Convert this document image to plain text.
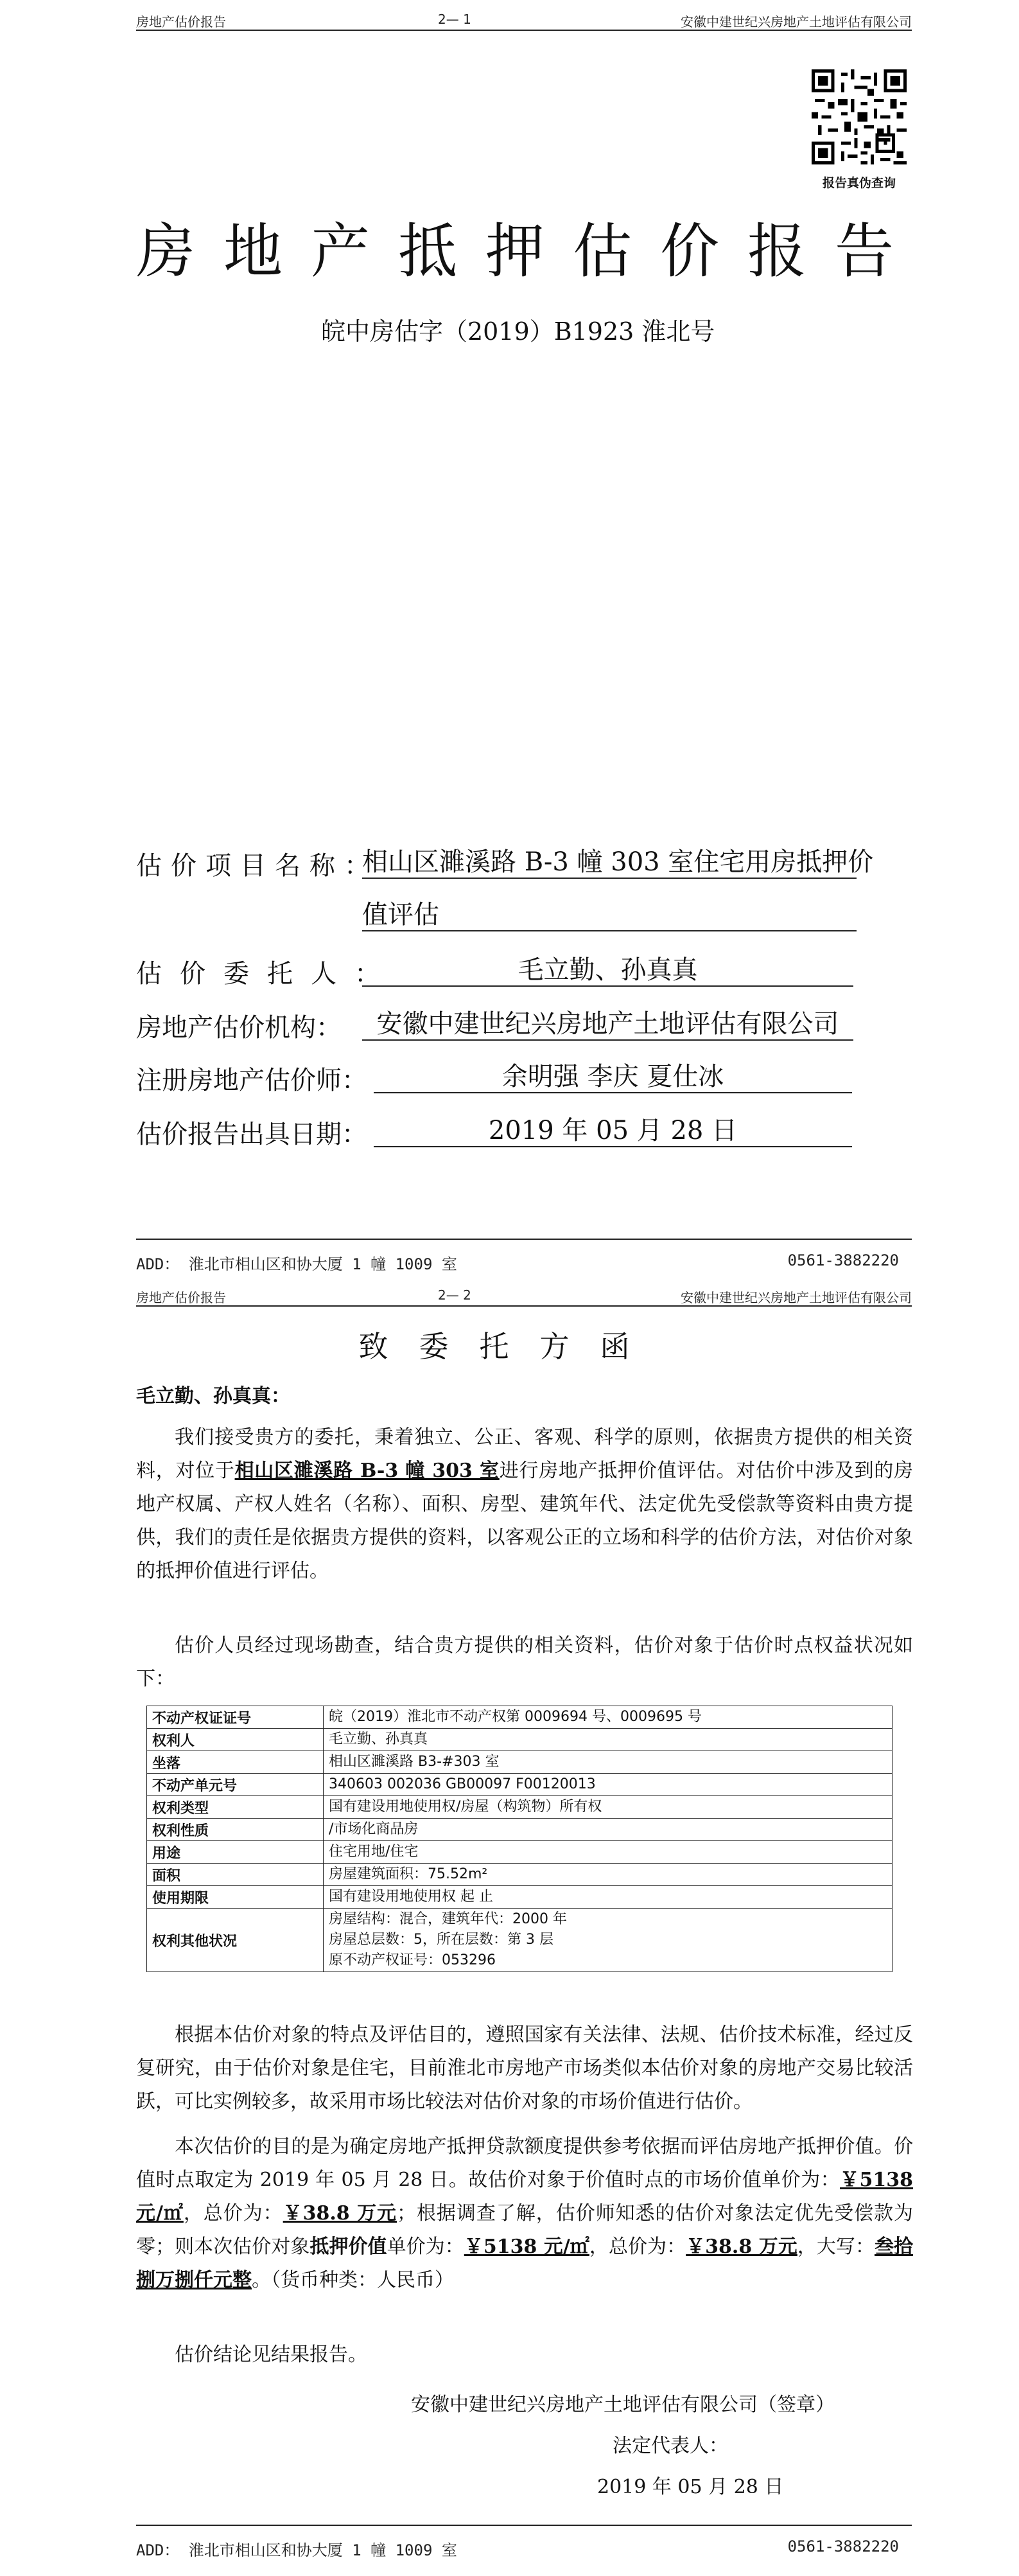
房地产估价报告	2— 1	安徽中建世纪兴房地产土地评估有限公司
报告真伪查询
房地产抵押估价报告
皖中房估字（2019）B1923 淮北号
估价项目名称：
相山区濉溪路 B-3 幢 303 室住宅用房抵押价
值评估
估价委托人：	毛立勤、孙真真
房地产估价机构：	安徽中建世纪兴房地产土地评估有限公司
注册房地产估价师：	余明强 李庆 夏仕冰
估价报告出具日期：	2019 年 05 月 28 日
ADD： 淮北市相山区和协大厦 1 幢 1009 室	0561-3882220
房地产估价报告	2— 2	安徽中建世纪兴房地产土地评估有限公司
致委托方函
毛立勤、孙真真：
我们接受贵方的委托，秉着独立、公正、客观、科学的原则，依据贵方提供的相关资料，对位于相山区濉溪路 B-3 幢 303 室进行房地产抵押价值评估。对估价中涉及到的房地产权属、产权人姓名（名称）、面积、房型、建筑年代、法定优先受偿款等资料由贵方提供，我们的责任是依据贵方提供的资料，以客观公正的立场和科学的估价方法，对估价对象的抵押价值进行评估。
估价人员经过现场勘查，结合贵方提供的相关资料，估价对象于估价时点权益状况如下：
不动产权证证号	皖（2019）淮北市不动产权第 0009694 号、0009695 号
权利人	毛立勤、孙真真
坐落	相山区濉溪路 B3-#303 室
不动产单元号	340603 002036 GB00097 F00120013
权利类型	国有建设用地使用权/房屋（构筑物）所有权
权利性质	/市场化商品房
用途	住宅用地/住宅
面积	房屋建筑面积：75.52m²
使用期限	国有建设用地使用权 起 止
权利其他状况	房屋结构：混合，建筑年代：2000 年
房屋总层数：5，所在层数：第 3 层
原不动产权证号：053296
根据本估价对象的特点及评估目的，遵照国家有关法律、法规、估价技术标准，经过反复研究，由于估价对象是住宅，目前淮北市房地产市场类似本估价对象的房地产交易比较活跃，可比实例较多，故采用市场比较法对估价对象的市场价值进行估价。
本次估价的目的是为确定房地产抵押贷款额度提供参考依据而评估房地产抵押价值。价值时点取定为 2019 年 05 月 28 日。故估价对象于价值时点的市场价值单价为：￥5138 元/㎡，总价为：￥38.8 万元；根据调查了解，估价师知悉的估价对象法定优先受偿款为零；则本次估价对象抵押价值单价为：￥5138 元/㎡，总价为：￥38.8 万元，大写：叁拾捌万捌仟元整。（货币种类：人民币）
估价结论见结果报告。
安徽中建世纪兴房地产土地评估有限公司（签章）
法定代表人：
2019 年 05 月 28 日
ADD： 淮北市相山区和协大厦 1 幢 1009 室	0561-3882220
